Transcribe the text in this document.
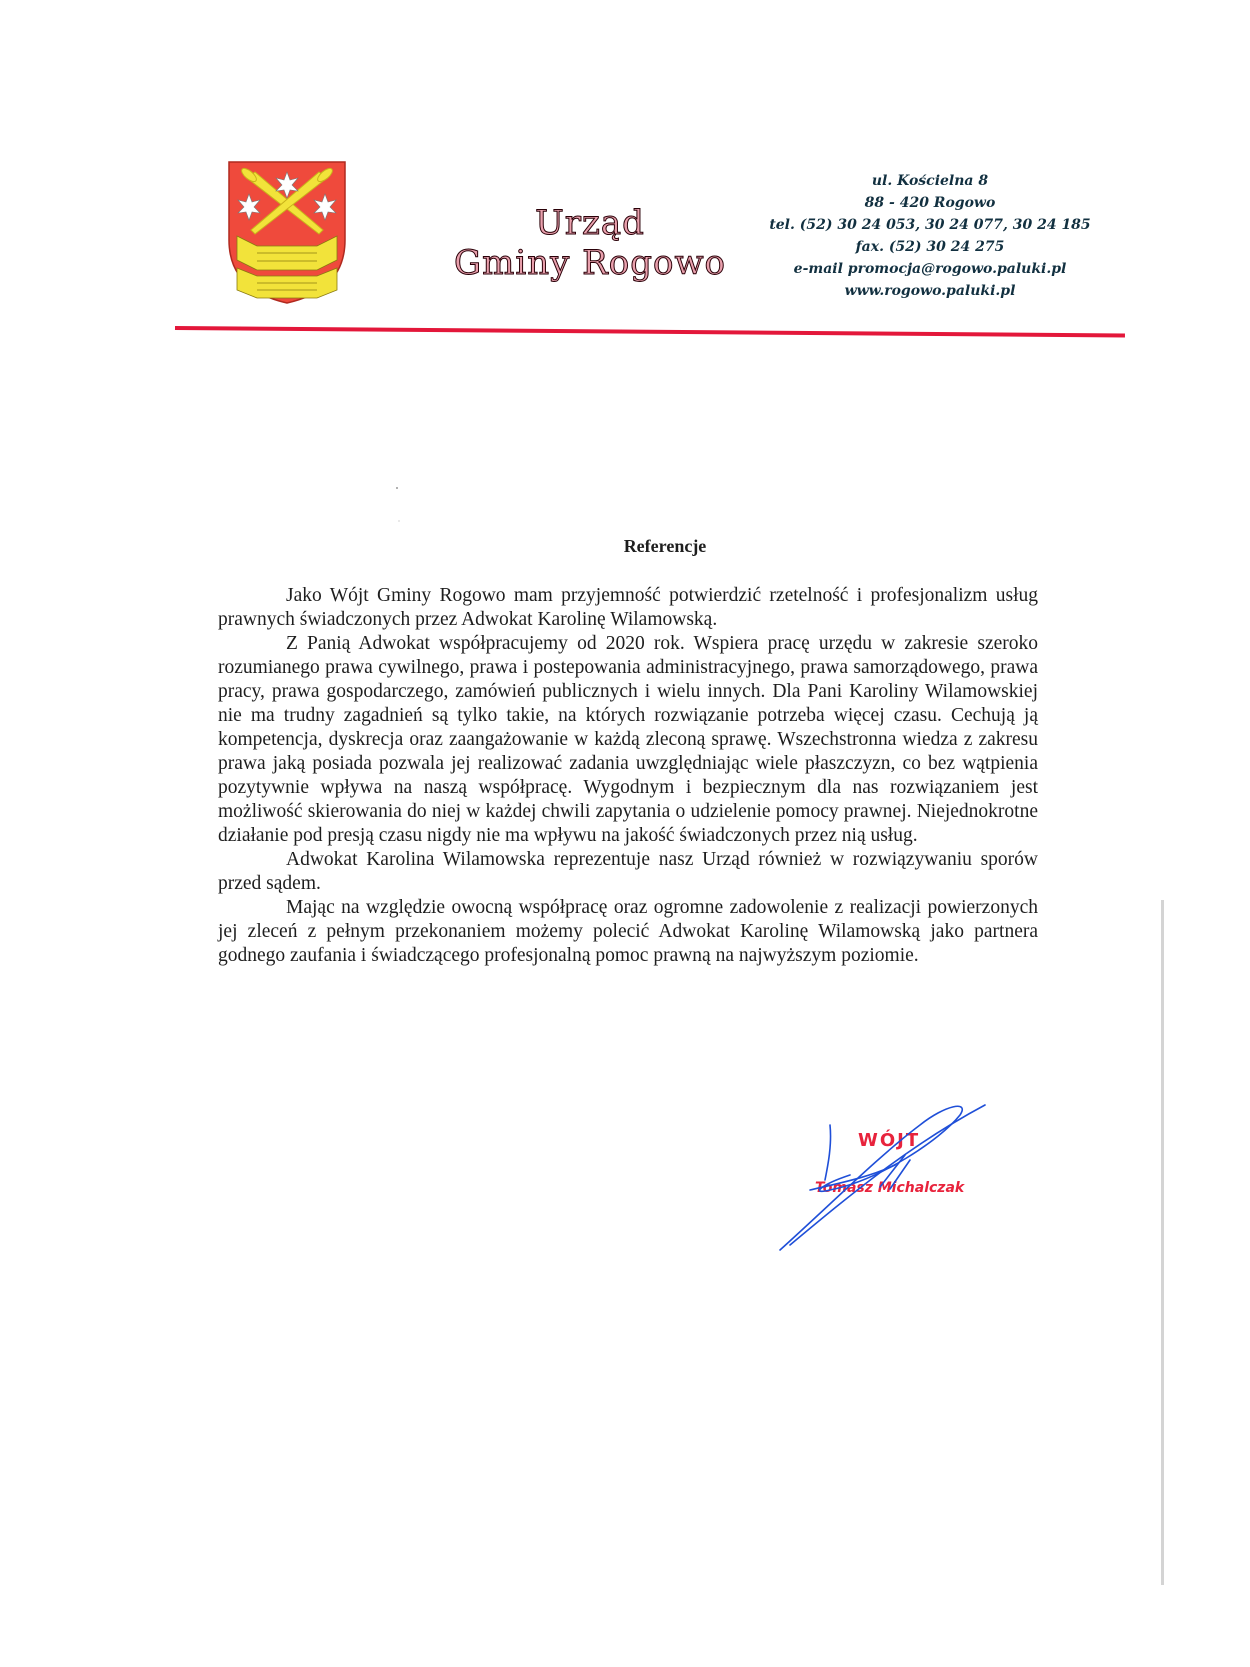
Urząd
Gminy Rogowo
ul. Kościelna 8
88 - 420 Rogowo
tel. (52) 30 24 053, 30 24 077, 30 24 185
fax. (52) 30 24 275
e-mail promocja@rogowo.paluki.pl
www.rogowo.paluki.pl
Referencje

Jako Wójt Gminy Rogowo mam przyjemność potwierdzić rzetelność i profesjonalizm usług prawnych świadczonych przez Adwokat Karolinę Wilamowską.

Z Panią Adwokat współpracujemy od 2020 rok. Wspiera pracę urzędu w zakresie szeroko rozumianego prawa cywilnego, prawa i postepowania administracyjnego, prawa samorządowego, prawa pracy, prawa gospodarczego, zamówień publicznych i wielu innych. Dla Pani Karoliny Wilamowskiej nie ma trudny zagadnień są tylko takie, na których rozwiązanie potrzeba więcej czasu. Cechują ją kompetencja, dyskrecja oraz zaangażowanie w każdą zleconą sprawę. Wszechstronna wiedza z zakresu prawa jaką posiada pozwala jej realizować zadania uwzględniając wiele płaszczyzn, co bez wątpienia pozytywnie wpływa na naszą współpracę. Wygodnym i bezpiecznym dla nas rozwiązaniem jest możliwość skierowania do niej w każdej chwili zapytania o udzielenie pomocy prawnej. Niejednokrotne działanie pod presją czasu nigdy nie ma wpływu na jakość świadczonych przez nią usług.

Adwokat Karolina Wilamowska reprezentuje nasz Urząd również w rozwiązywaniu sporów przed sądem.

Mając na względzie owocną współpracę oraz ogromne zadowolenie z realizacji powierzonych jej zleceń z pełnym przekonaniem możemy polecić Adwokat Karolinę Wilamowską jako partnera godnego zaufania i świadczącego profesjonalną pomoc prawną na najwyższym poziomie.

WÓJT
Tomasz Michalczak
